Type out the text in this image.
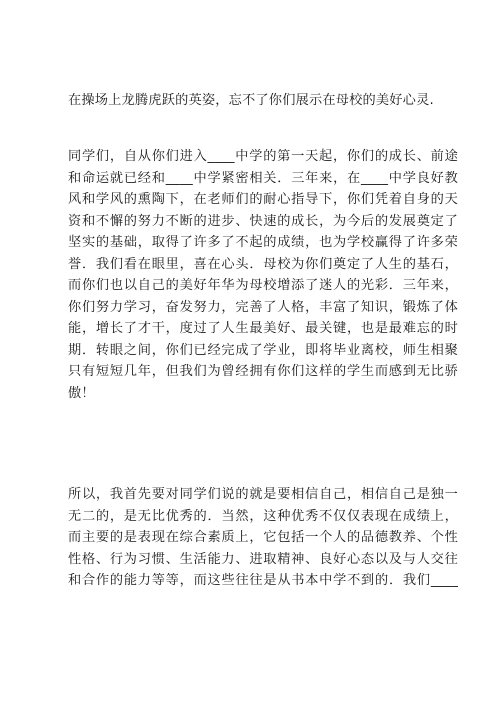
在操场上龙腾虎跃的英姿，忘不了你们展示在母校的美好心灵.

同学们，自从你们进入____中学的第一天起，你们的成长、前途
和命运就已经和____中学紧密相关．三年来，在____中学良好教
风和学风的熏陶下，在老师们的耐心指导下，你们凭着自身的天
资和不懈的努力不断的进步、快速的成长，为今后的发展奠定了
坚实的基础，取得了许多了不起的成绩，也为学校赢得了许多荣
誉．我们看在眼里，喜在心头．母校为你们奠定了人生的基石，
而你们也以自己的美好年华为母校增添了迷人的光彩．三年来，
你们努力学习，奋发努力，完善了人格，丰富了知识，锻炼了体
能，增长了才干，度过了人生最美好、最关键，也是最难忘的时
期．转眼之间，你们已经完成了学业，即将毕业离校，师生相聚
只有短短几年，但我们为曾经拥有你们这样的学生而感到无比骄
傲！

所以，我首先要对同学们说的就是要相信自己，相信自己是独一
无二的，是无比优秀的．当然，这种优秀不仅仅表现在成绩上，
而主要的是表现在综合素质上，它包括一个人的品德教养、个性
性格、行为习惯、生活能力、进取精神、良好心态以及与人交往
和合作的能力等等，而这些往往是从书本中学不到的．我们____
